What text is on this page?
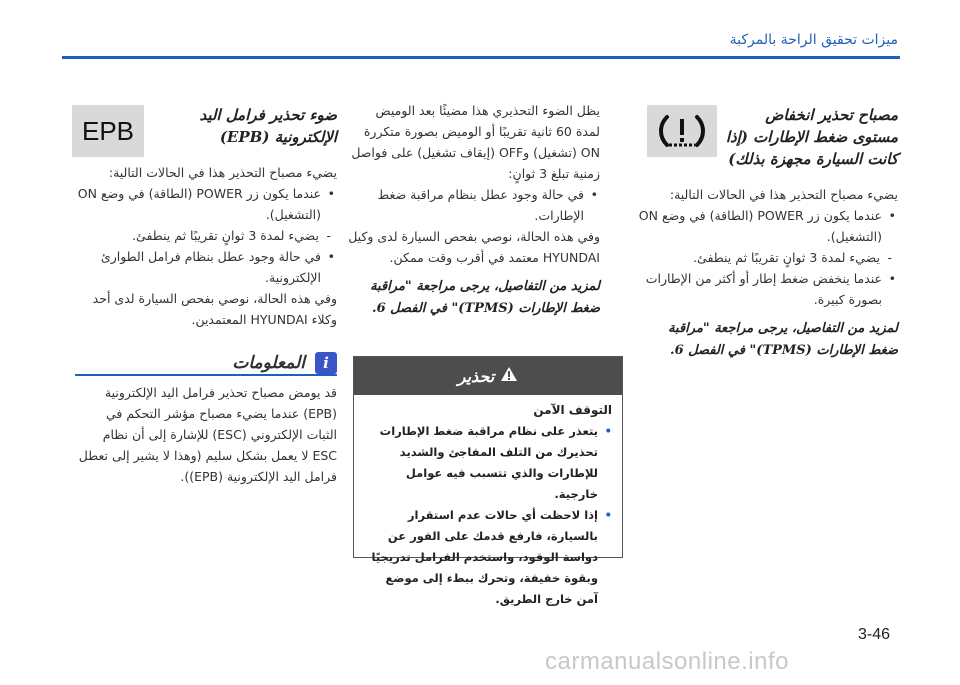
ميزات تحقيق الراحة بالمركبة
مصباح تحذير انخفاض مستوى ضغط الإطارات (إذا كانت السيارة مجهزة بذلك)
يضيء مصباح التحذير هذا في الحالات التالية:
• عندما يكون زر POWER (الطاقة) في وضع ON (التشغيل).
- يضيء لمدة 3 ثوانٍ تقريبًا ثم ينطفئ.
• عندما ينخفض ضغط إطار أو أكثر من الإطارات بصورة كبيرة.
لمزيد من التفاصيل، يرجى مراجعة "مراقبة ضغط الإطارات (TPMS)" في الفصل 6.
يظل الضوء التحذيري هذا مضيئًا بعد الوميض
لمدة 60 ثانية تقريبًا أو الوميض بصورة متكررة
ON (تشغيل) وOFF (إيقاف تشغيل) على فواصل
زمنية تبلغ 3 ثوانٍ:
• في حالة وجود عطل بنظام مراقبة ضغط الإطارات.
وفي هذه الحالة، نوصي بفحص السيارة لدى وكيل HYUNDAI معتمد في أقرب وقت ممكن.
لمزيد من التفاصيل، يرجى مراجعة "مراقبة ضغط الإطارات (TPMS)" في الفصل 6.
EPB
ضوء تحذير فرامل اليد الإلكترونية (EPB)
يضيء مصباح التحذير هذا في الحالات التالية:
• عندما يكون زر POWER (الطاقة) في وضع ON (التشغيل).
- يضيء لمدة 3 ثوانٍ تقريبًا ثم ينطفئ.
• في حالة وجود عطل بنظام فرامل الطوارئ الإلكترونية.
وفي هذه الحالة، نوصي بفحص السيارة لدى أحد وكلاء HYUNDAI المعتمدين.
i
المعلومات
قد يومض مصباح تحذير فرامل اليد الإلكترونية (EPB) عندما يضيء مصباح مؤشر التحكم في الثبات الإلكتروني (ESC) للإشارة إلى أن نظام ESC لا يعمل بشكل سليم (وهذا لا يشير إلى تعطل فرامل اليد الإلكترونية (EPB)).
تحذير
التوقف الآمن
• يتعذر على نظام مراقبة ضغط الإطارات تحذيرك من التلف المفاجئ والشديد للإطارات والذي تتسبب فيه عوامل خارجية.
• إذا لاحظت أي حالات عدم استقرار بالسيارة، فارفع قدمك على الفور عن دواسة الوقود، واستخدم الفرامل تدريجيًا وبقوة خفيفة، وتحرك ببطء إلى موضع آمن خارج الطريق.
3-46
carmanualsonline.info
